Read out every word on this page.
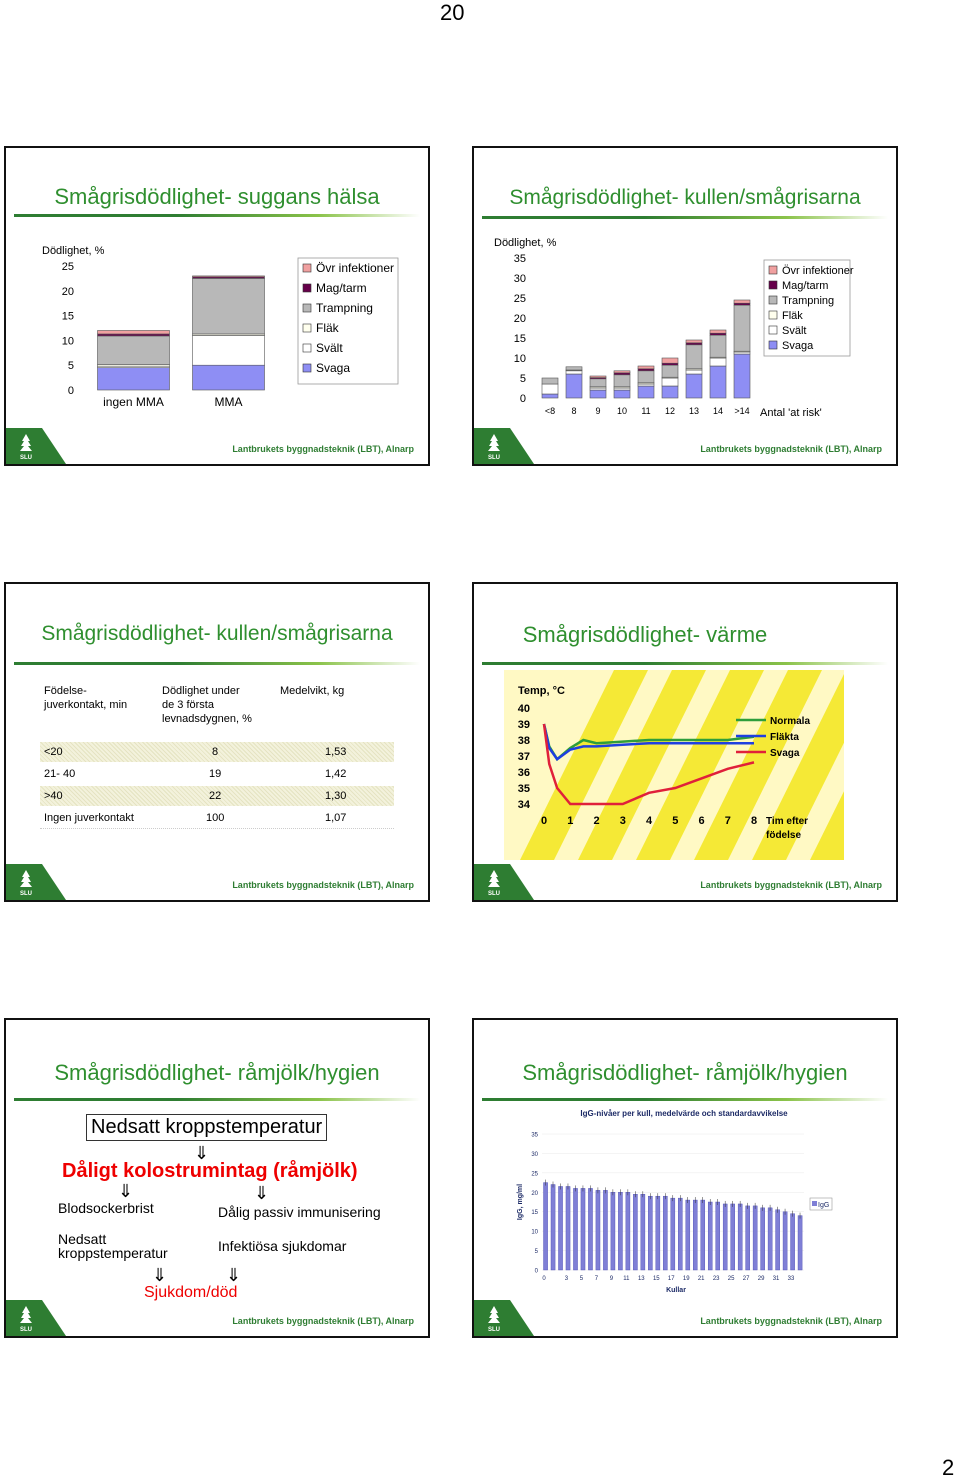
20
Smågrisdödlighet- suggans hälsa
Dödlighet, %
25
20
15
10
5
0
ingen MMA	MMA
Övr infektioner
Mag/tarm
Trampning
Fläk
Svält
Svaga
SLU
Lantbrukets byggnadsteknik (LBT), Alnarp
Smågrisdödlighet- kullen/smågrisarna
Dödlighet, %
35
30
25
20
15
10
5
0
<8 8 9 10 11 12 13 14 >14 Antal 'at risk'
Övr infektioner
Mag/tarm
Trampning
Fläk
Svält
Svaga
SLU
Lantbrukets byggnadsteknik (LBT), Alnarp
Smågrisdödlighet- kullen/smågrisarna
Födelse-
juverkontakt, min
Dödlighet under
de 3 första
levnadsdygnen, %
Medelvikt, kg
<20	8	1,53
21- 40	19	1,42
>40	22	1,30
Ingen juverkontakt	100	1,07
SLU
Lantbrukets byggnadsteknik (LBT), Alnarp
Smågrisdödlighet- värme
Temp, °C
40
39
38
37
36
35
34
0 1 2 3 4 5 6 7 8 Tim efter
födelse
Normala
Fläkta
Svaga
SLU
Lantbrukets byggnadsteknik (LBT), Alnarp
Smågrisdödlighet- råmjölk/hygien
Nedsatt kroppstemperatur
⇓
Dåligt kolostrumintag (råmjölk)
⇓	⇓
Blodsockerbrist	Dålig passiv immunisering
Nedsatt
kroppstemperatur	Infektiösa sjukdomar
⇓	⇓
Sjukdom/död
SLU
Lantbrukets byggnadsteknik (LBT), Alnarp
Smågrisdödlighet- råmjölk/hygien
IgG-nivåer per kull, medelvärde och standardavvikelse
35
30
25
20
15
10
5
0
IgG, mg/ml
0	3 5 7 9 11 13 15 17 19 21 23 25 27 29 31 33
Kullar
IgG
SLU
Lantbrukets byggnadsteknik (LBT), Alnarp
2
